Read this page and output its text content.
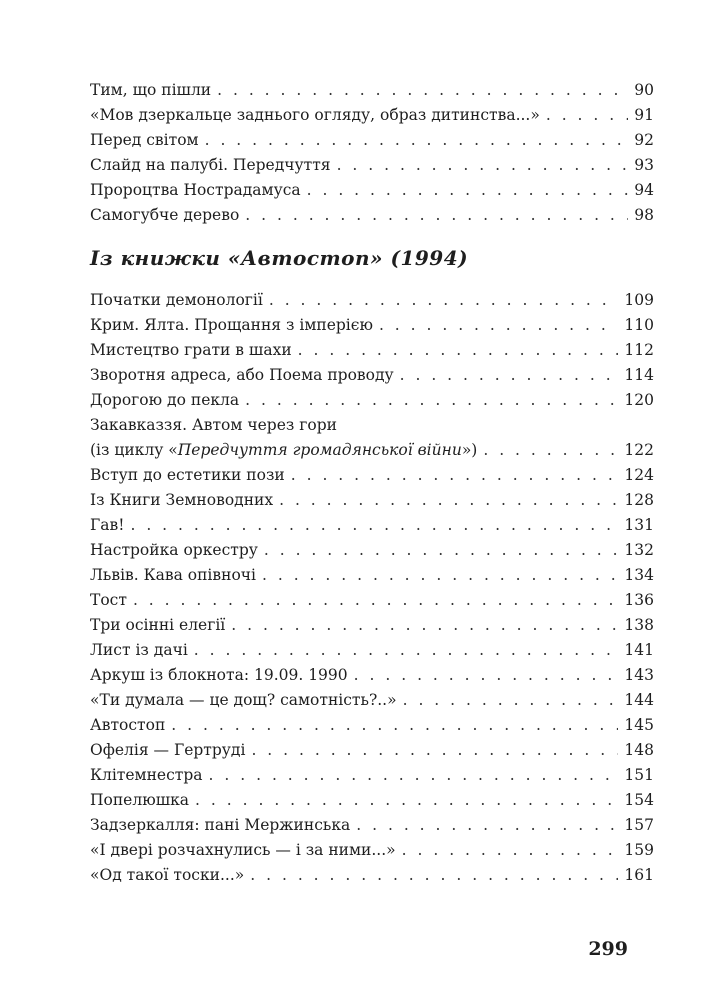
Тим, що пішли . . .	90
«Мов дзеркальце заднього огляду, образ дитинства...» . . .	91
Перед світом . . .	92
Слайд на палубі. Передчуття . . .	93
Пророцтва Нострадамуса . . .	94
Самогубче дерево . . .	98
Із книжки «Автостоп» (1994)
Початки демонології . . .	109
Крим. Ялта. Прощання з імперією . . .	110
Мистецтво грати в шахи . . .	112
Зворотня адреса, або Поема проводу . . .	114
Дорогою до пекла . . .	120
Закавказзя. Автом через гори
(із циклу «Передчуття громадянської війни») . . .	122
Вступ до естетики пози . . .	124
Із Книги Земноводних . . .	128
Гав! . . .	131
Настройка оркестру . . .	132
Львів. Кава опівночі . . .	134
Тост . . .	136
Три осінні елегії . . .	138
Лист із дачі . . .	141
Аркуш із блокнота: 19.09. 1990 . . .	143
«Ти думала — це дощ? самотність?..» . . .	144
Автостоп . . .	145
Офелія — Гертруді . . .	148
Клітемнестра . . .	151
Попелюшка . . .	154
Задзеркалля: пані Мержинська . . .	157
«І двері розчахнулись — і за ними...» . . .	159
«Од такої тоски...» . . .	161
299
